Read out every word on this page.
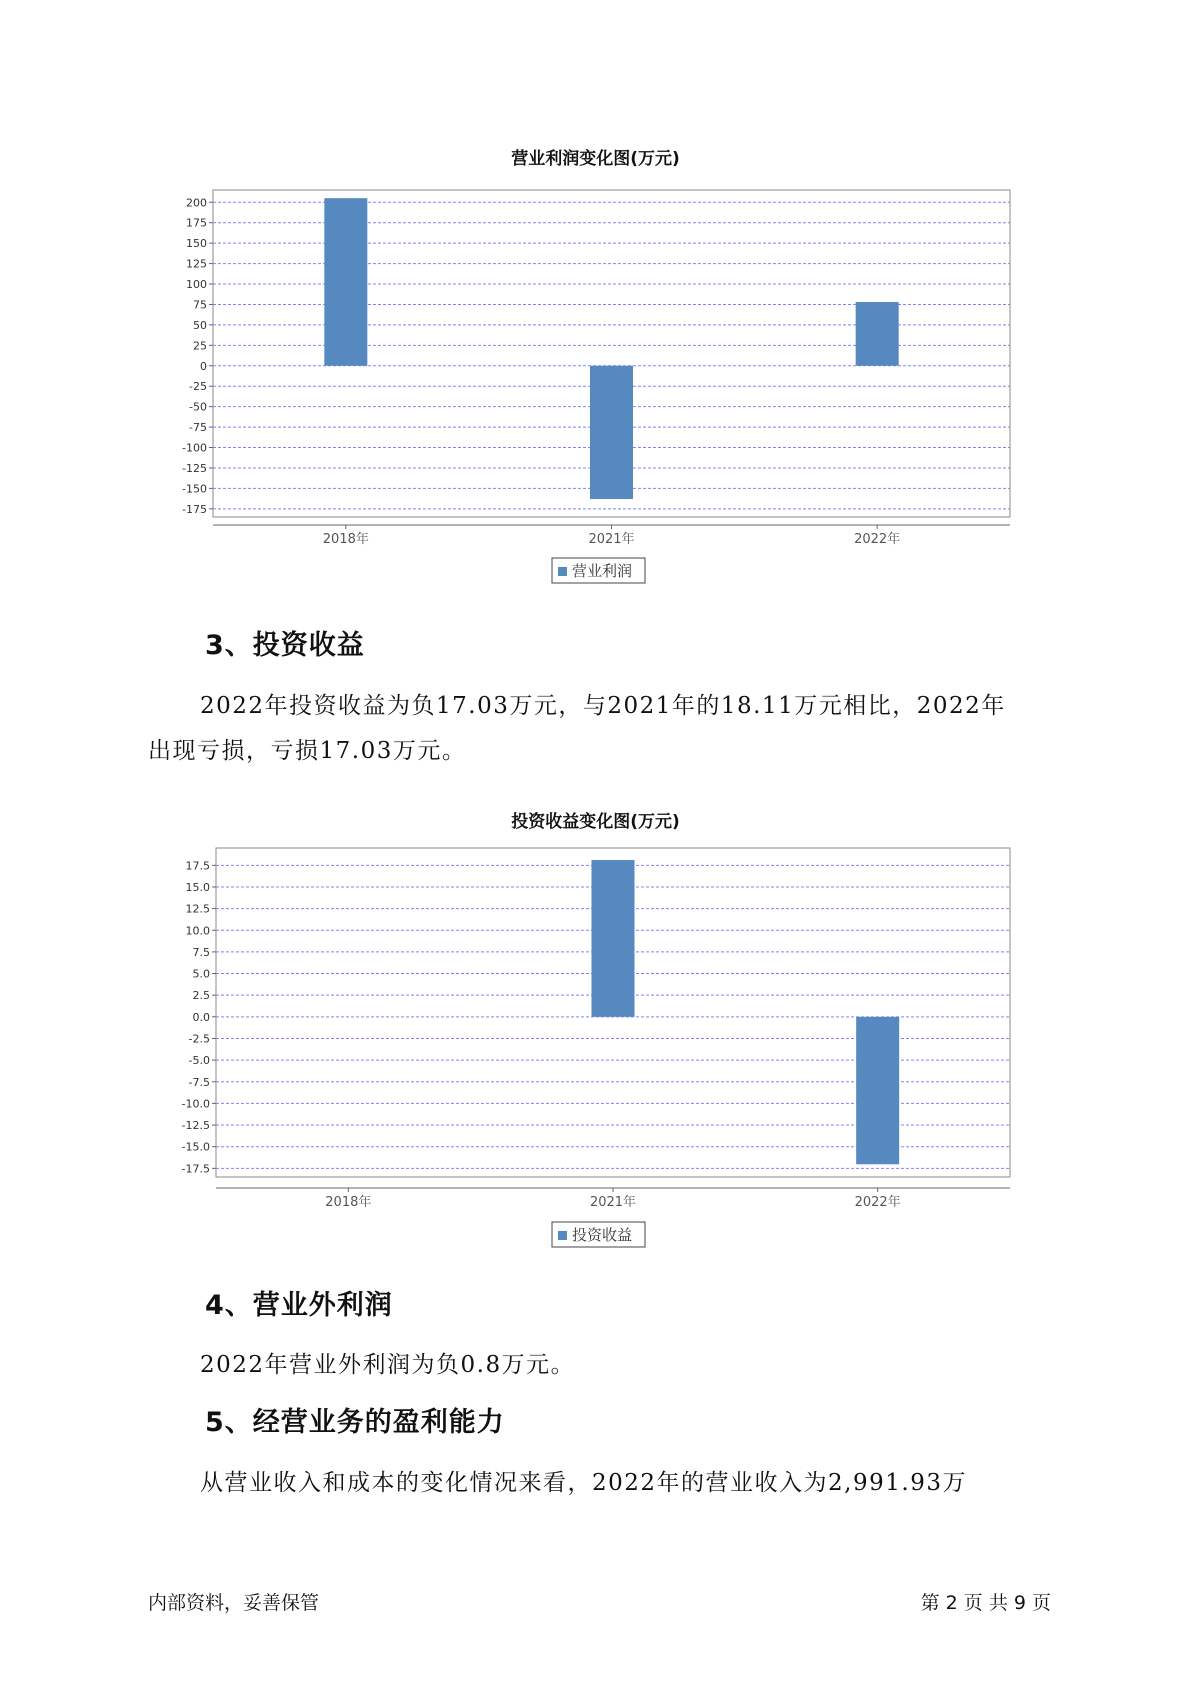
营业利润变化图(万元)
200
175
150
125
100
75
50
25
0
-25
-50
-75
-100
-125
-150
-175
2018年	2021年	2022年
营业利润
3、投资收益
2022年投资收益为负17.03万元，与2021年的18.11万元相比，2022年
出现亏损，亏损17.03万元。
投资收益变化图(万元)
17.5
15.0
12.5
10.0
7.5
5.0
2.5
0.0
-2.5
-5.0
-7.5
-10.0
-12.5
-15.0
-17.5
2018年	2021年	2022年
投资收益
4、营业外利润
2022年营业外利润为负0.8万元。
5、经营业务的盈利能力
从营业收入和成本的变化情况来看，2022年的营业收入为2,991.93万
内部资料，妥善保管	第 2 页 共 9 页
